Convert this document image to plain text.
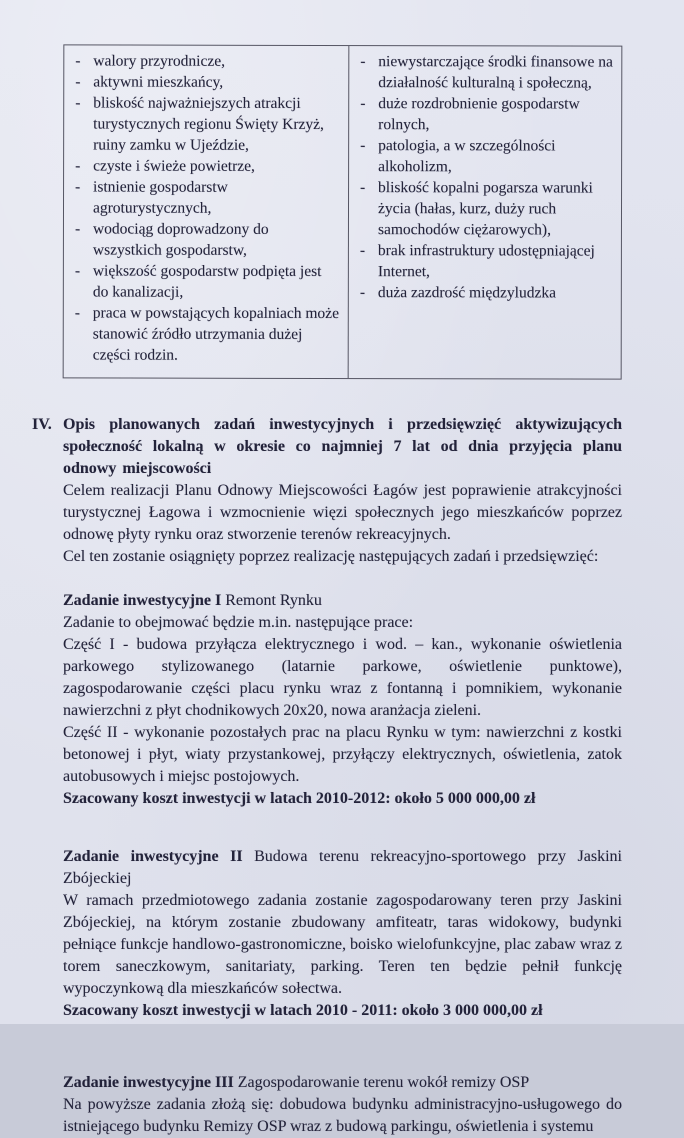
- walory przyrodnicze,
- aktywni mieszkańcy,
- bliskość najważniejszych atrakcji turystycznych regionu Święty Krzyż, ruiny zamku w Ujeździe,
- czyste i świeże powietrze,
- istnienie gospodarstw agroturystycznych,
- wodociąg doprowadzony do wszystkich gospodarstw,
- większość gospodarstw podpięta jest do kanalizacji,
- praca w powstających kopalniach może stanowić źródło utrzymania dużej części rodzin.
- niewystarczające środki finansowe na działalność kulturalną i społeczną,
- duże rozdrobnienie gospodarstw rolnych,
- patologia, a w szczególności alkoholizm,
- bliskość kopalni pogarsza warunki życia (hałas, kurz, duży ruch samochodów ciężarowych),
- brak infrastruktury udostępniającej Internet,
- duża zazdrość międzyludzka
IV. Opis planowanych zadań inwestycyjnych i przedsięwzięć aktywizujących społeczność lokalną w okresie co najmniej 7 lat od dnia przyjęcia planu odnowy miejscowości
Celem realizacji Planu Odnowy Miejscowości Łagów jest poprawienie atrakcyjności turystycznej Łagowa i wzmocnienie więzi społecznych jego mieszkańców poprzez odnowę płyty rynku oraz stworzenie terenów rekreacyjnych.
Cel ten zostanie osiągnięty poprzez realizację następujących zadań i przedsięwzięć:
Zadanie inwestycyjne I Remont Rynku
Zadanie to obejmować będzie m.in. następujące prace:
Część I - budowa przyłącza elektrycznego i wod. – kan., wykonanie oświetlenia parkowego stylizowanego (latarnie parkowe, oświetlenie punktowe), zagospodarowanie części placu rynku wraz z fontanną i pomnikiem, wykonanie nawierzchni z płyt chodnikowych 20x20, nowa aranżacja zieleni.
Część II - wykonanie pozostałych prac na placu Rynku w tym: nawierzchni z kostki betonowej i płyt, wiaty przystankowej, przyłączy elektrycznych, oświetlenia, zatok autobusowych i miejsc postojowych.
Szacowany koszt inwestycji w latach 2010-2012: około 5 000 000,00 zł
Zadanie inwestycyjne II Budowa terenu rekreacyjno-sportowego przy Jaskini Zbójeckiej
W ramach przedmiotowego zadania zostanie zagospodarowany teren przy Jaskini Zbójeckiej, na którym zostanie zbudowany amfiteatr, taras widokowy, budynki pełniące funkcje handlowo-gastronomiczne, boisko wielofunkcyjne, plac zabaw wraz z torem saneczkowym, sanitariaty, parking. Teren ten będzie pełnił funkcję wypoczynkową dla mieszkańców sołectwa.
Szacowany koszt inwestycji w latach 2010 - 2011: około 3 000 000,00 zł
Zadanie inwestycyjne III Zagospodarowanie terenu wokół remizy OSP
Na powyższe zadania złożą się: dobudowa budynku administracyjno-usługowego do istniejącego budynku Remizy OSP wraz z budową parkingu, oświetlenia i systemu
